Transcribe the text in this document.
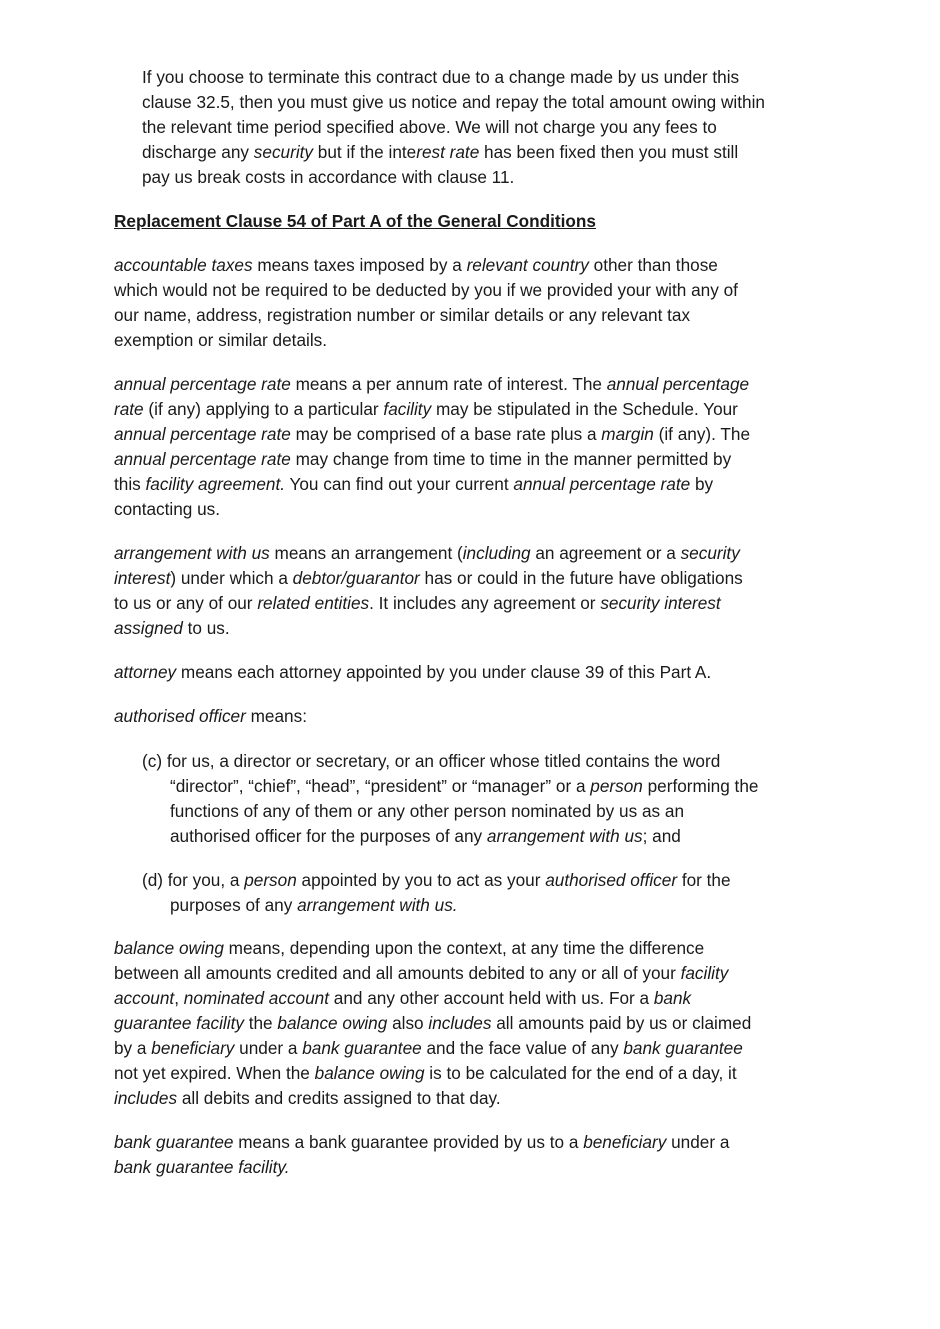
If you choose to terminate this contract due to a change made by us under this
clause 32.5, then you must give us notice and repay the total amount owing within
the relevant time period specified above. We will not charge you any fees to
discharge any security but if the interest rate has been fixed then you must still
pay us break costs in accordance with clause 11.

Replacement Clause 54 of Part A of the General Conditions

accountable taxes means taxes imposed by a relevant country other than those
which would not be required to be deducted by you if we provided your with any of
our name, address, registration number or similar details or any relevant tax
exemption or similar details.

annual percentage rate means a per annum rate of interest. The annual percentage
rate (if any) applying to a particular facility may be stipulated in the Schedule. Your
annual percentage rate may be comprised of a base rate plus a margin (if any). The
annual percentage rate may change from time to time in the manner permitted by
this facility agreement. You can find out your current annual percentage rate by
contacting us.

arrangement with us means an arrangement (including an agreement or a security
interest) under which a debtor/guarantor has or could in the future have obligations
to us or any of our related entities. It includes any agreement or security interest
assigned to us.

attorney means each attorney appointed by you under clause 39 of this Part A.

authorised officer means:

(c) for us, a director or secretary, or an officer whose titled contains the word
“director”, “chief”, “head”, “president” or “manager” or a person performing the
functions of any of them or any other person nominated by us as an
authorised officer for the purposes of any arrangement with us; and

(d) for you, a person appointed by you to act as your authorised officer for the
purposes of any arrangement with us.

balance owing means, depending upon the context, at any time the difference
between all amounts credited and all amounts debited to any or all of your facility
account, nominated account and any other account held with us. For a bank
guarantee facility the balance owing also includes all amounts paid by us or claimed
by a beneficiary under a bank guarantee and the face value of any bank guarantee
not yet expired. When the balance owing is to be calculated for the end of a day, it
includes all debits and credits assigned to that day.

bank guarantee means a bank guarantee provided by us to a beneficiary under a
bank guarantee facility.
